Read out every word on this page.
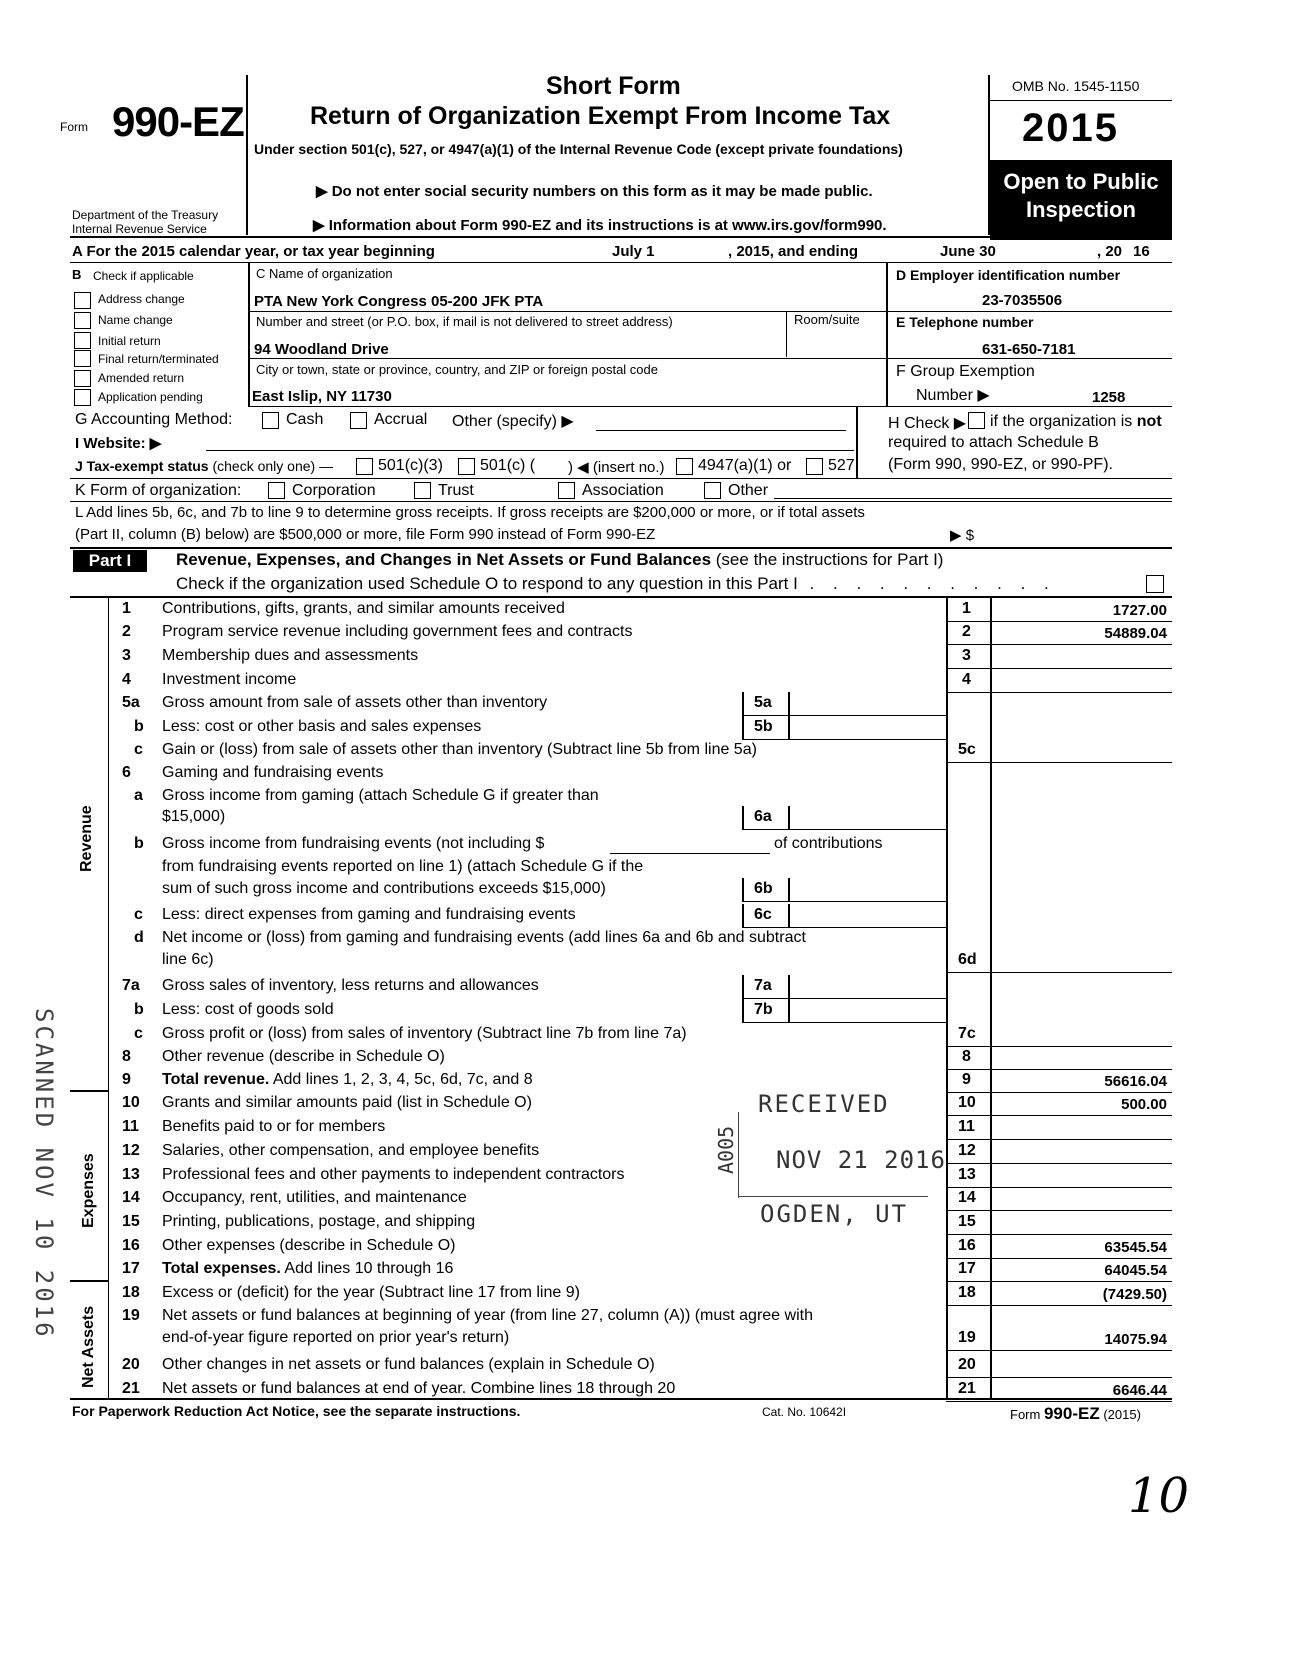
Form 990-EZ
Department of the Treasury
Internal Revenue Service
Short Form
Return of Organization Exempt From Income Tax
Under section 501(c), 527, or 4947(a)(1) of the Internal Revenue Code (except private foundations)
▶ Do not enter social security numbers on this form as it may be made public.
▶ Information about Form 990-EZ and its instructions is at www.irs.gov/form990.
OMB No. 1545-1150
2015
Open to Public
Inspection
A For the 2015 calendar year, or tax year beginning	July 1	, 2015, and ending	June 30	, 20 16
B Check if applicable
Address change
Name change
Initial return
Final return/terminated
Amended return
Application pending
C Name of organization
PTA New York Congress 05-200 JFK PTA
Number and street (or P.O. box, if mail is not delivered to street address)	Room/suite
94 Woodland Drive
City or town, state or province, country, and ZIP or foreign postal code
East Islip, NY 11730
D Employer identification number
23-7035506
E Telephone number
631-650-7181
F Group Exemption
Number ▶	1258
G Accounting Method:	Cash	Accrual Other (specify) ▶	H Check ▶ if the organization is not
required to attach Schedule B
(Form 990, 990-EZ, or 990-PF).
I Website: ▶
J Tax-exempt status (check only one) —	501(c)(3) 501(c) ( ) ◀ (insert no.) 4947(a)(1) or 527
K Form of organization:	Corporation	Trust	Association	Other
L Add lines 5b, 6c, and 7b to line 9 to determine gross receipts. If gross receipts are $200,000 or more, or if total assets
(Part II, column (B) below) are $500,000 or more, file Form 990 instead of Form 990-EZ	▶ $
Part I	Revenue, Expenses, and Changes in Net Assets or Fund Balances (see the instructions for Part I)
Check if the organization used Schedule O to respond to any question in this Part I . . . . . . . . . . .
Revenue
Expenses
Net Assets
SCANNED NOV 10 2016
1 Contributions, gifts, grants, and similar amounts received	1	1727.00
2 Program service revenue including government fees and contracts	2	54889.04
3 Membership dues and assessments	3
4 Investment income	4
5a Gross amount from sale of assets other than inventory	5a
b Less: cost or other basis and sales expenses	5b
c Gain or (loss) from sale of assets other than inventory (Subtract line 5b from line 5a)	5c
6 Gaming and fundraising events
a Gross income from gaming (attach Schedule G if greater than
$15,000)	6a
b	of contributions
Gross income from fundraising events (not including $
from fundraising events reported on line 1) (attach Schedule G if the
sum of such gross income and contributions exceeds $15,000)	6b
c Less: direct expenses from gaming and fundraising events	6c
d Net income or (loss) from gaming and fundraising events (add lines 6a and 6b and subtract
line 6c)	6d
7a Gross sales of inventory, less returns and allowances	7a
b Less: cost of goods sold	7b
c Gross profit or (loss) from sales of inventory (Subtract line 7b from line 7a)	7c
8 Other revenue (describe in Schedule O)	8
9 Total revenue. Add lines 1, 2, 3, 4, 5c, 6d, 7c, and 8	9	56616.04
10 Grants and similar amounts paid (list in Schedule O)	10	500.00
11 Benefits paid to or for members	11
12 Salaries, other compensation, and employee benefits	12
13 Professional fees and other payments to independent contractors	13
14 Occupancy, rent, utilities, and maintenance	14
15 Printing, publications, postage, and shipping	15
16 Other expenses (describe in Schedule O)	16	63545.54
17 Total expenses. Add lines 10 through 16	17	64045.54
18 Excess or (deficit) for the year (Subtract line 17 from line 9)	18	(7429.50)
19 Net assets or fund balances at beginning of year (from line 27, column (A)) (must agree with
end-of-year figure reported on prior year's return)	19	14075.94
20 Other changes in net assets or fund balances (explain in Schedule O)	20
21 Net assets or fund balances at end of year. Combine lines 18 through 20	21	6646.44
RECEIVED
NOV 21 2016
OGDEN, UT
A005
For Paperwork Reduction Act Notice, see the separate instructions.	Cat. No. 10642I	Form 990-EZ (2015)
10
